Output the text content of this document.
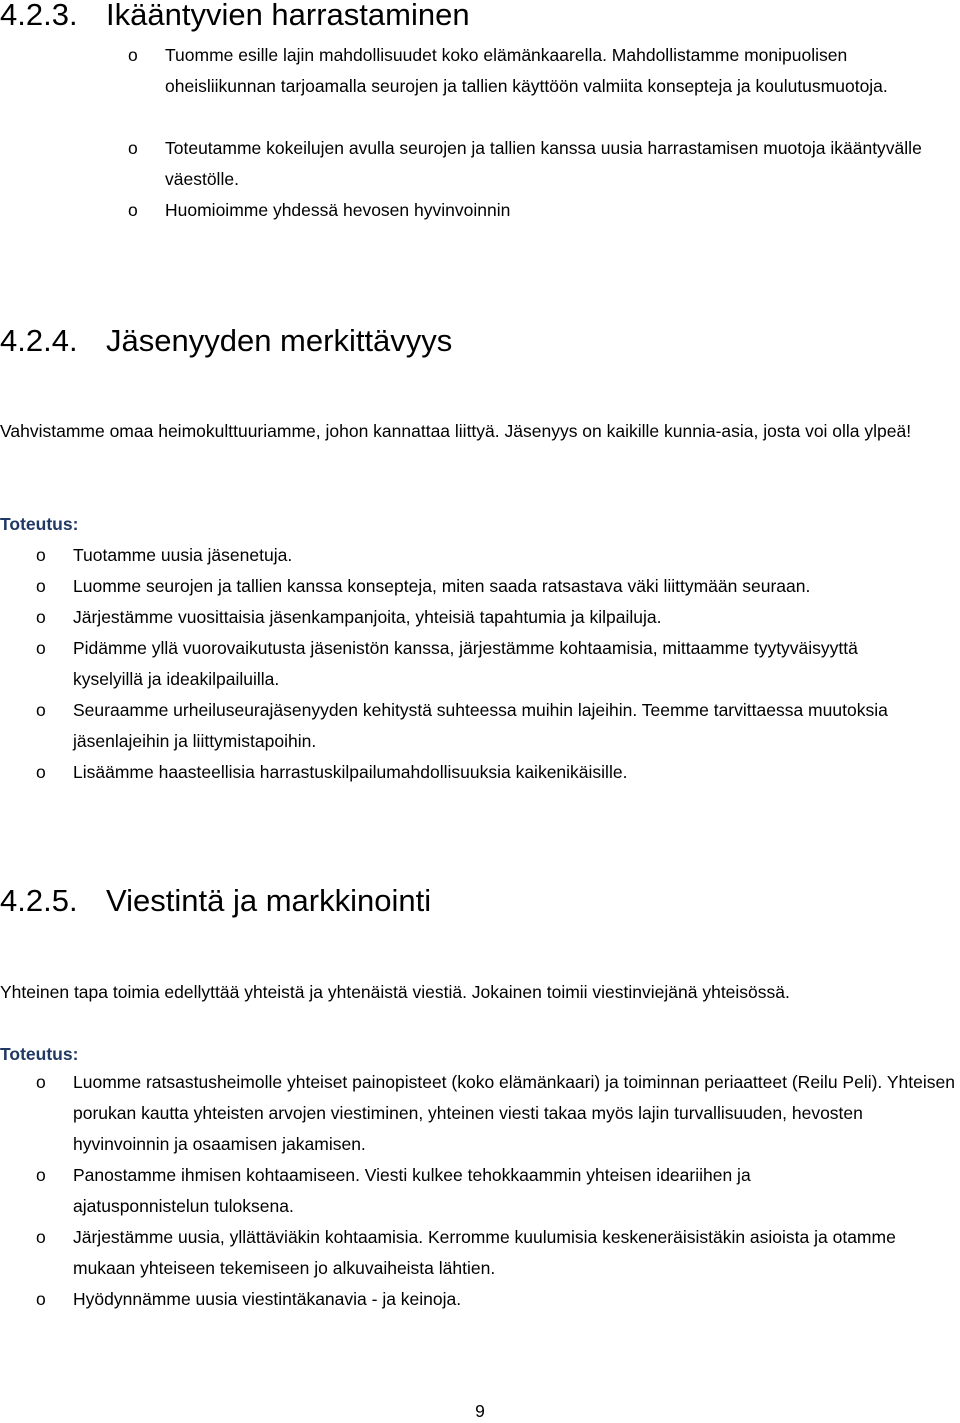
4.2.3. Ikääntyvien harrastaminen
o Tuomme esille lajin mahdollisuudet koko elämänkaarella. Mahdollistamme monipuolisen oheisliikunnan tarjoamalla seurojen ja tallien käyttöön valmiita konsepteja ja koulutusmuotoja.
o Toteutamme kokeilujen avulla seurojen ja tallien kanssa uusia harrastamisen muotoja ikääntyvälle väestölle.
o Huomioimme yhdessä hevosen hyvinvoinnin
4.2.4. Jäsenyyden merkittävyys

Vahvistamme omaa heimokulttuuriamme, johon kannattaa liittyä. Jäsenyys on kaikille kunnia-asia, josta voi olla ylpeä!

Toteutus:
o Tuotamme uusia jäsenetuja.
o Luomme seurojen ja tallien kanssa konsepteja, miten saada ratsastava väki liittymään seuraan.
o Järjestämme vuosittaisia jäsenkampanjoita, yhteisiä tapahtumia ja kilpailuja.
o Pidämme yllä vuorovaikutusta jäsenistön kanssa, järjestämme kohtaamisia, mittaamme tyytyväisyyttä kyselyillä ja ideakilpailuilla.
o Seuraamme urheiluseurajäsenyyden kehitystä suhteessa muihin lajeihin. Teemme tarvittaessa muutoksia jäsenlajeihin ja liittymistapoihin.
o Lisäämme haasteellisia harrastuskilpailumahdollisuuksia kaikenikäisille.
4.2.5. Viestintä ja markkinointi

Yhteinen tapa toimia edellyttää yhteistä ja yhtenäistä viestiä. Jokainen toimii viestinviejänä yhteisössä.

Toteutus:
o Luomme ratsastusheimolle yhteiset painopisteet (koko elämänkaari) ja toiminnan periaatteet (Reilu Peli). Yhteisen porukan kautta yhteisten arvojen viestiminen, yhteinen viesti takaa myös lajin turvallisuuden, hevosten hyvinvoinnin ja osaamisen jakamisen.
o Panostamme ihmisen kohtaamiseen. Viesti kulkee tehokkaammin yhteisen ideariihen ja ajatusponnistelun tuloksena.
o Järjestämme uusia, yllättäviäkin kohtaamisia. Kerromme kuulumisia keskeneräisistäkin asioista ja otamme mukaan yhteiseen tekemiseen jo alkuvaiheista lähtien.
o Hyödynnämme uusia viestintäkanavia - ja keinoja.
9
